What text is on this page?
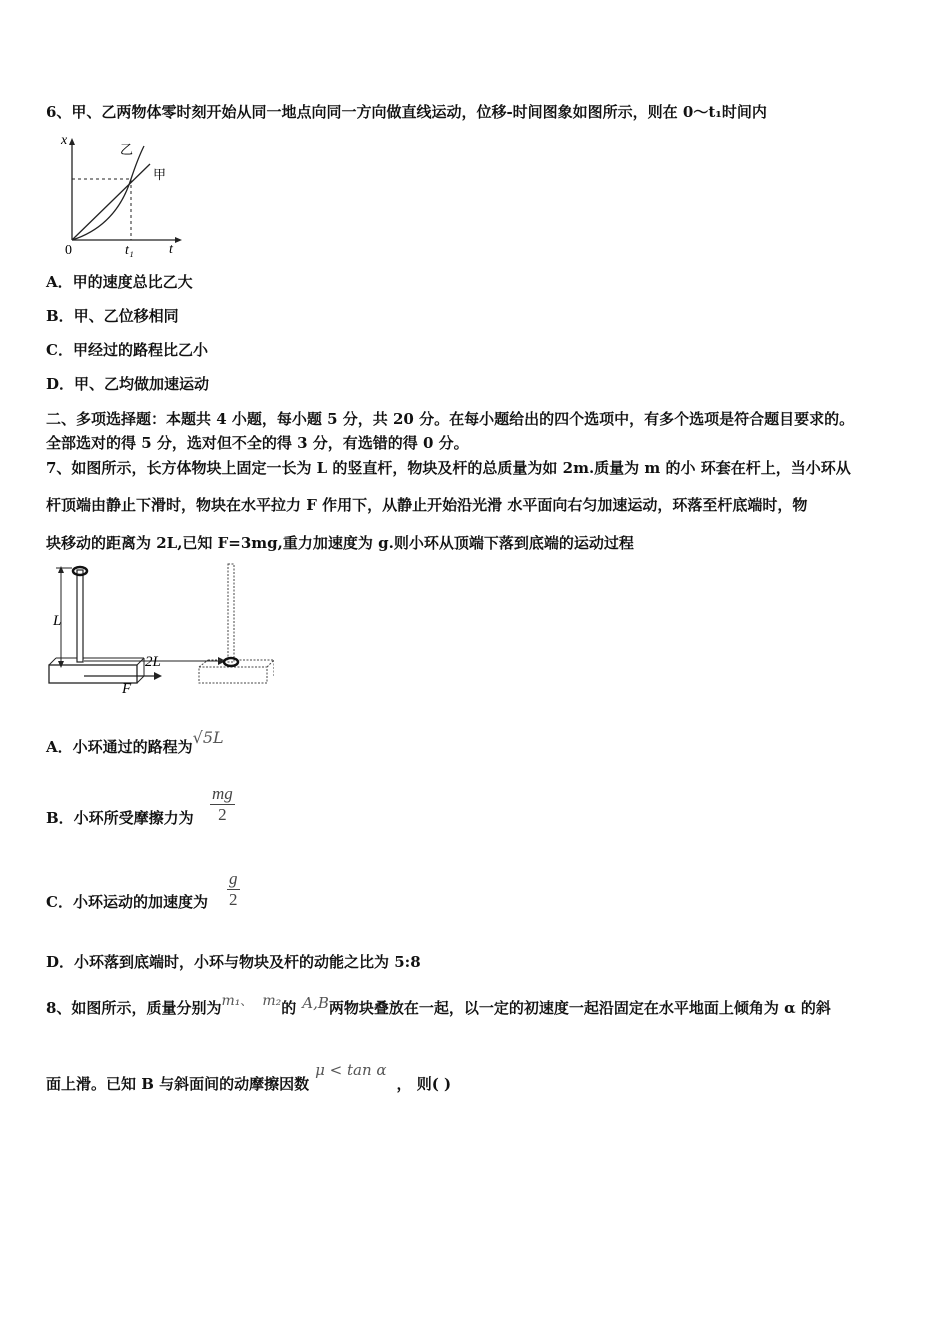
6、甲、乙两物体零时刻开始从同一地点向同一方向做直线运动，位移-时间图象如图所示，则在 0～t₁时间内
x
乙
甲
0	t₁	t
A．甲的速度总比乙大
B．甲、乙位移相同
C．甲经过的路程比乙小
D．甲、乙均做加速运动
二、多项选择题：本题共 4 小题，每小题 5 分，共 20 分。在每小题给出的四个选项中，有多个选项是符合题目要求的。
全部选对的得 5 分，选对但不全的得 3 分，有选错的得 0 分。
7、如图所示，长方体物块上固定一长为 L 的竖直杆，物块及杆的总质量为如 2m.质量为 m 的小 环套在杆上，当小环从
杆顶端由静止下滑时，物块在水平拉力 F 作用下，从静止开始沿光滑 水平面向右匀加速运动，环落至杆底端时，物
块移动的距离为 2L,已知 F=3mg,重力加速度为 g.则小环从顶端下落到底端的运动过程
L
F
2L
A．小环通过的路程为√5L
B．小环所受摩擦力为
mg
2
C．小环运动的加速度为
g
2
D．小环落到底端时，小环与物块及杆的动能之比为 5:8
8、如图所示，质量分别为m₁、 m₂的 A,B两物块叠放在一起，以一定的初速度一起沿固定在水平地面上倾角为 α 的斜
面上滑。已知 B 与斜面间的动摩擦因数μ < tan α， 则( )
